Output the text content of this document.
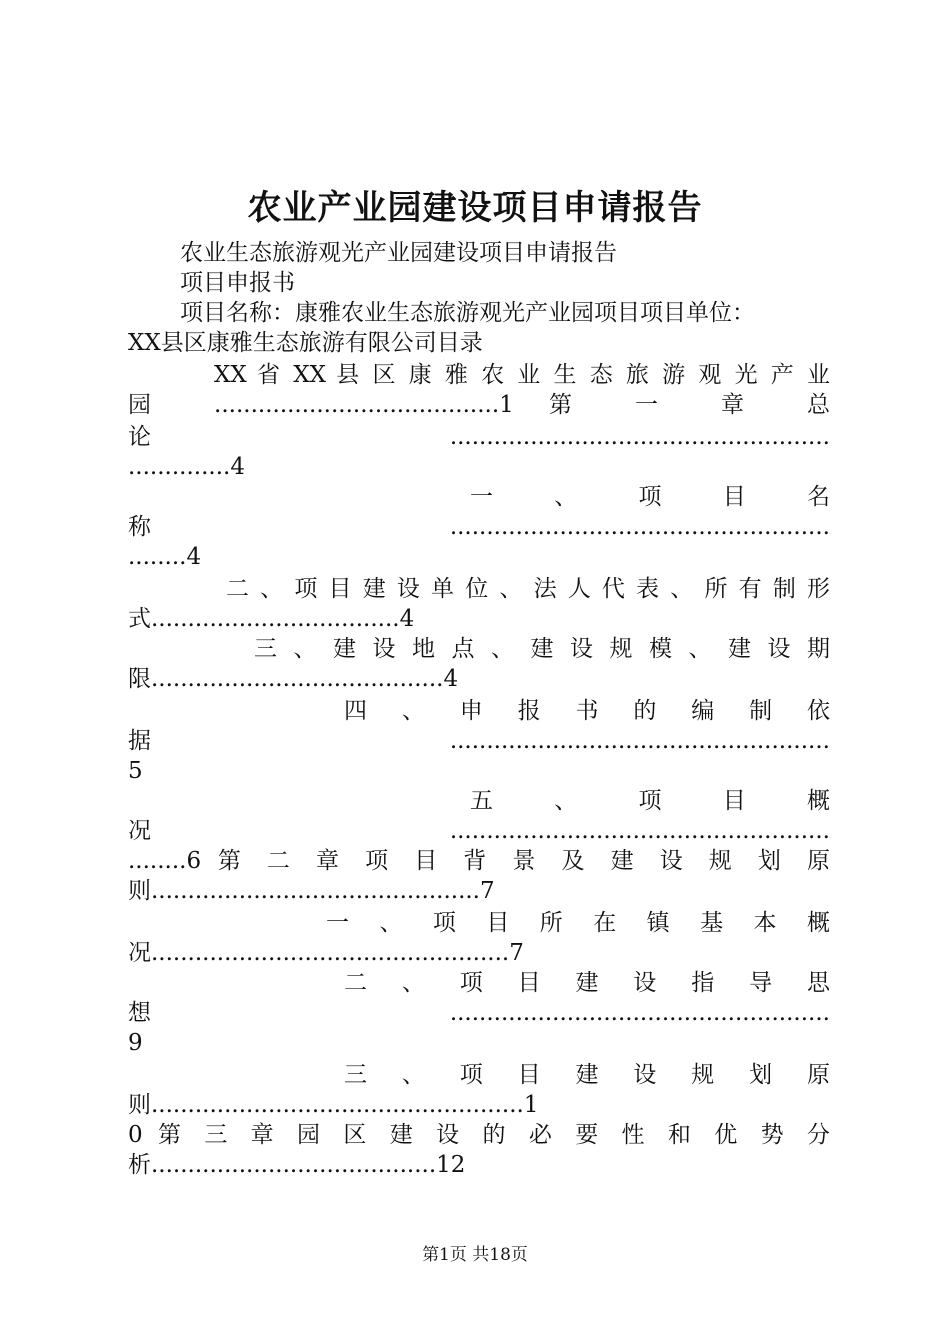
农业产业园建设项目申请报告
农业生态旅游观光产业园建设项目申请报告
项目申报书
项目名称：康雅农业生态旅游观光产业园项目项目单位：
XX县区康雅生态旅游有限公司目录
XX 省 XX 县 区 康 雅 农 业 生 态 旅 游 观 光 产 业
园 .......................................1 第 一 章 总
论....................................................
..............4
一 、 项 目 名
称....................................................
........4
二 、 项 目 建 设 单 位 、 法 人 代 表 、 所 有 制 形
式..................................4
三 、 建 设 地 点 、 建 设 规 模 、 建 设 期
限........................................4
四 、 申 报 书 的 编 制 依
据....................................................
5
五 、 项 目 概
况....................................................
........6 第 二 章 项 目 背 景 及 建 设 规 划 原
则.............................................7
一 、 项 目 所 在 镇 基 本 概
况.................................................7
二 、 项 目 建 设 指 导 思
想....................................................
9
三 、 项 目 建 设 规 划 原
则...................................................1
0 第 三 章 园 区 建 设 的 必 要 性 和 优 势 分
析.......................................12
第1页 共18页
